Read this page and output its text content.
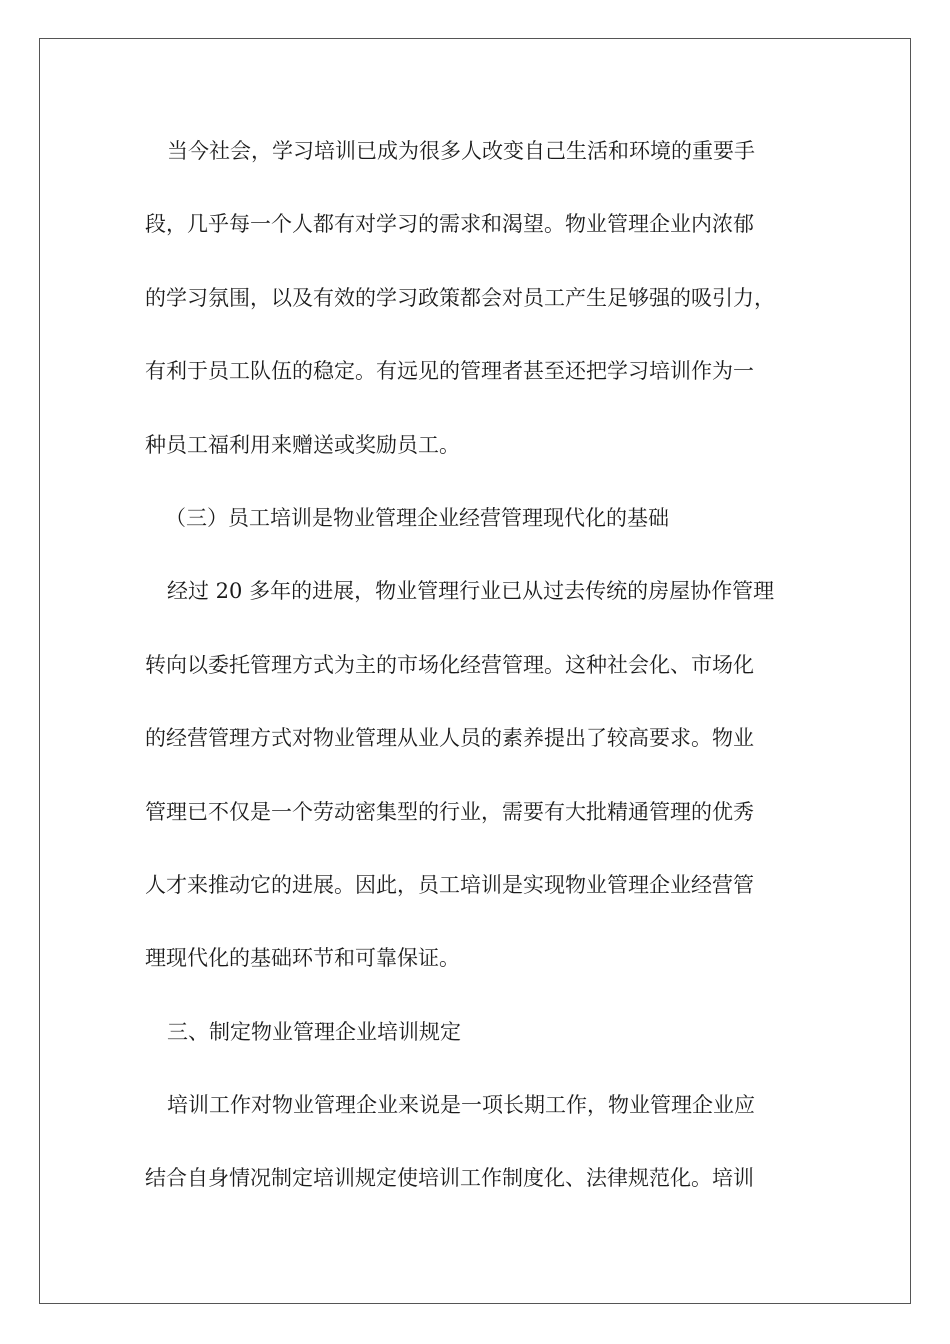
当今社会，学习培训已成为很多人改变自己生活和环境的重要手
段，几乎每一个人都有对学习的需求和渴望。物业管理企业内浓郁
的学习氛围，以及有效的学习政策都会对员工产生足够强的吸引力，
有利于员工队伍的稳定。有远见的管理者甚至还把学习培训作为一
种员工福利用来赠送或奖励员工。
（三）员工培训是物业管理企业经营管理现代化的基础
经过 20 多年的进展，物业管理行业已从过去传统的房屋协作管理
转向以委托管理方式为主的市场化经营管理。这种社会化、市场化
的经营管理方式对物业管理从业人员的素养提出了较高要求。物业
管理已不仅是一个劳动密集型的行业，需要有大批精通管理的优秀
人才来推动它的进展。因此，员工培训是实现物业管理企业经营管
理现代化的基础环节和可靠保证。
三、制定物业管理企业培训规定
培训工作对物业管理企业来说是一项长期工作，物业管理企业应
结合自身情况制定培训规定使培训工作制度化、法律规范化。培训
